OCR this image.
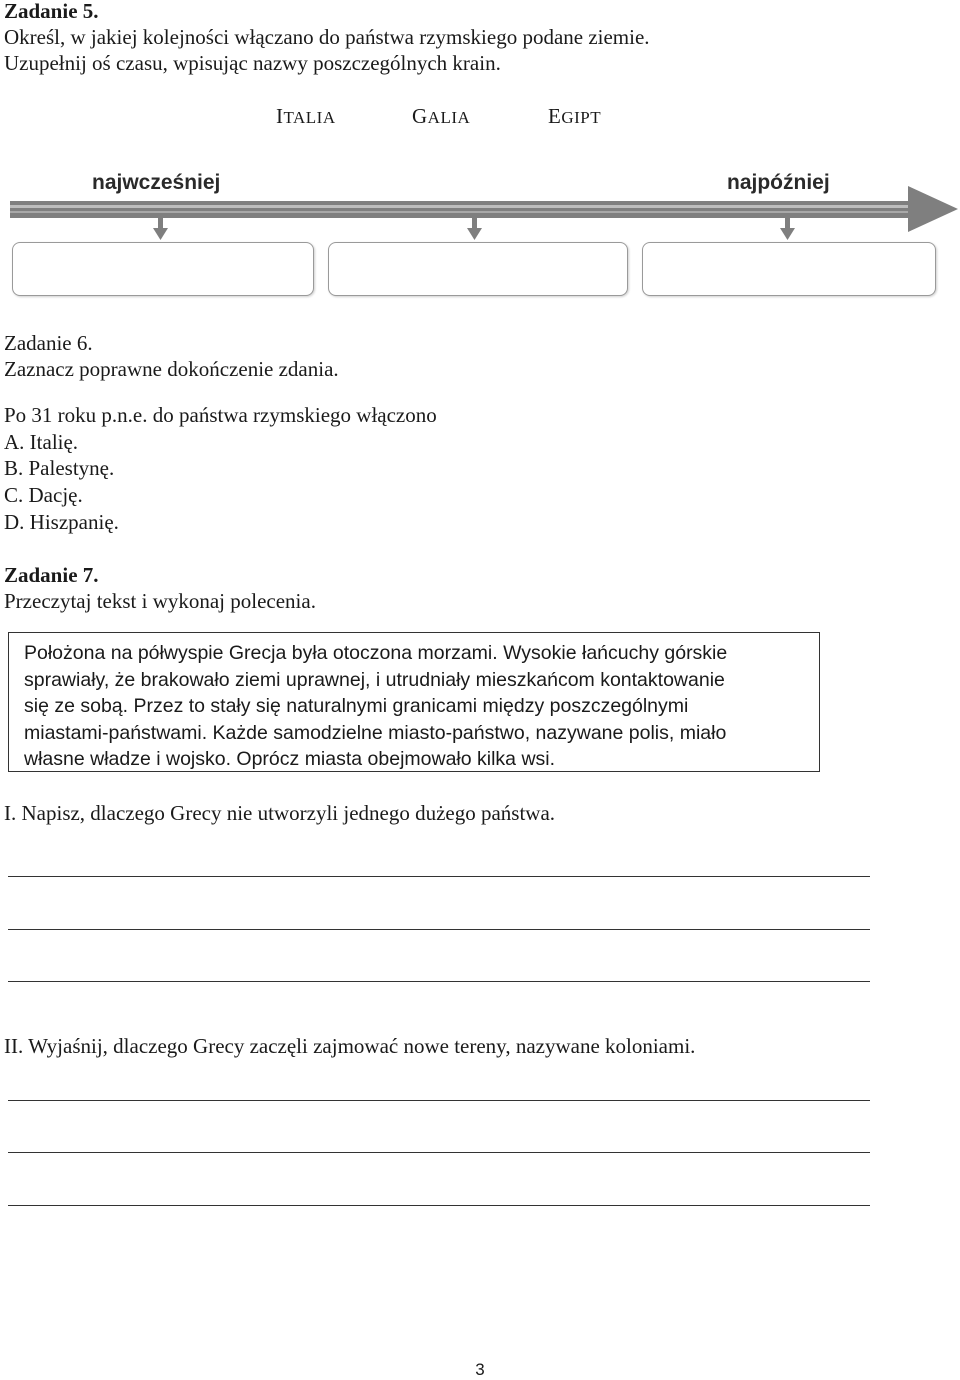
Zadanie 5.
Określ, w jakiej kolejności włączano do państwa rzymskiego podane ziemie.
Uzupełnij oś czasu, wpisując nazwy poszczególnych krain.
ITALIA	GALIA	EGIPT
najwcześniej	najpóźniej
Zadanie 6.
Zaznacz poprawne dokończenie zdania.
Po 31 roku p.n.e. do państwa rzymskiego włączono
A. Italię.
B. Palestynę.
C. Dację.
D. Hiszpanię.
Zadanie 7.
Przeczytaj tekst i wykonaj polecenia.
Położona na półwyspie Grecja była otoczona morzami. Wysokie łańcuchy górskie
sprawiały, że brakowało ziemi uprawnej, i utrudniały mieszkańcom kontaktowanie
się ze sobą. Przez to stały się naturalnymi granicami między poszczególnymi
miastami-państwami. Każde samodzielne miasto-państwo, nazywane polis, miało
własne władze i wojsko. Oprócz miasta obejmowało kilka wsi.
I. Napisz, dlaczego Grecy nie utworzyli jednego dużego państwa.
II. Wyjaśnij, dlaczego Grecy zaczęli zajmować nowe tereny, nazywane koloniami.
3
